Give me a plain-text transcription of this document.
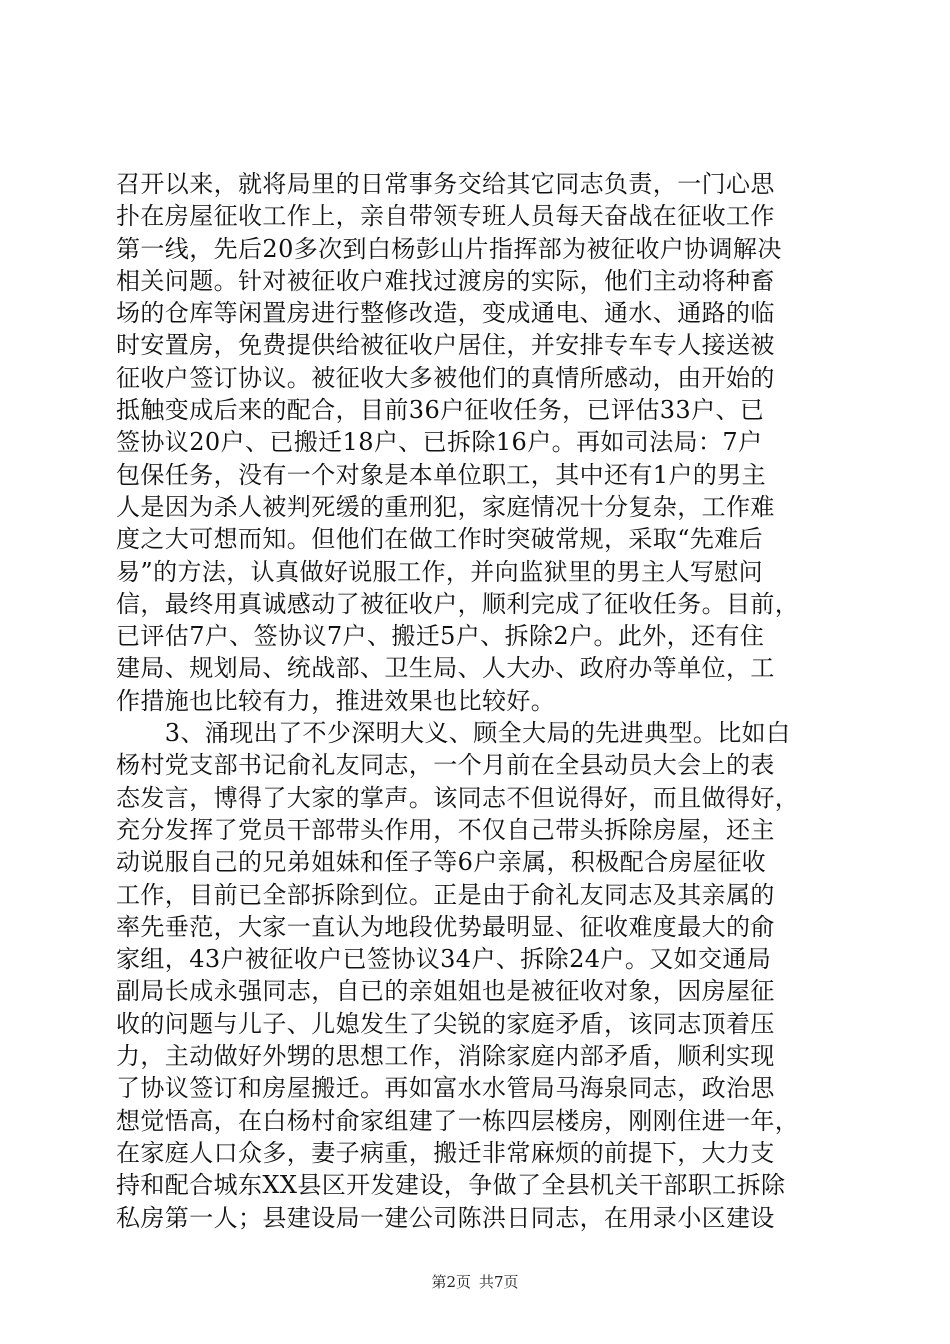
召开以来，就将局里的日常事务交给其它同志负责，一门心思
扑在房屋征收工作上，亲自带领专班人员每天奋战在征收工作
第一线，先后20多次到白杨彭山片指挥部为被征收户协调解决
相关问题。针对被征收户难找过渡房的实际，他们主动将种畜
场的仓库等闲置房进行整修改造，变成通电、通水、通路的临
时安置房，免费提供给被征收户居住，并安排专车专人接送被
征收户签订协议。被征收大多被他们的真情所感动，由开始的
抵触变成后来的配合，目前36户征收任务，已评估33户、已
签协议20户、已搬迁18户、已拆除16户。再如司法局：7户
包保任务，没有一个对象是本单位职工，其中还有1户的男主
人是因为杀人被判死缓的重刑犯，家庭情况十分复杂，工作难
度之大可想而知。但他们在做工作时突破常规，采取“先难后
易”的方法，认真做好说服工作，并向监狱里的男主人写慰问
信，最终用真诚感动了被征收户，顺利完成了征收任务。目前，
已评估7户、签协议7户、搬迁5户、拆除2户。此外，还有住
建局、规划局、统战部、卫生局、人大办、政府办等单位，工
作措施也比较有力，推进效果也比较好。
　　3、涌现出了不少深明大义、顾全大局的先进典型。比如白
杨村党支部书记俞礼友同志，一个月前在全县动员大会上的表
态发言，博得了大家的掌声。该同志不但说得好，而且做得好，
充分发挥了党员干部带头作用，不仅自己带头拆除房屋，还主
动说服自己的兄弟姐妹和侄子等6户亲属，积极配合房屋征收
工作，目前已全部拆除到位。正是由于俞礼友同志及其亲属的
率先垂范，大家一直认为地段优势最明显、征收难度最大的俞
家组，43户被征收户已签协议34户、拆除24户。又如交通局
副局长成永强同志，自已的亲姐姐也是被征收对象，因房屋征
收的问题与儿子、儿媳发生了尖锐的家庭矛盾，该同志顶着压
力，主动做好外甥的思想工作，消除家庭内部矛盾，顺利实现
了协议签订和房屋搬迁。再如富水水管局马海泉同志，政治思
想觉悟高，在白杨村俞家组建了一栋四层楼房，刚刚住进一年，
在家庭人口众多，妻子病重，搬迁非常麻烦的前提下，大力支
持和配合城东XX县区开发建设，争做了全县机关干部职工拆除
私房第一人；县建设局一建公司陈洪日同志，在用录小区建设
第2页 共7页
